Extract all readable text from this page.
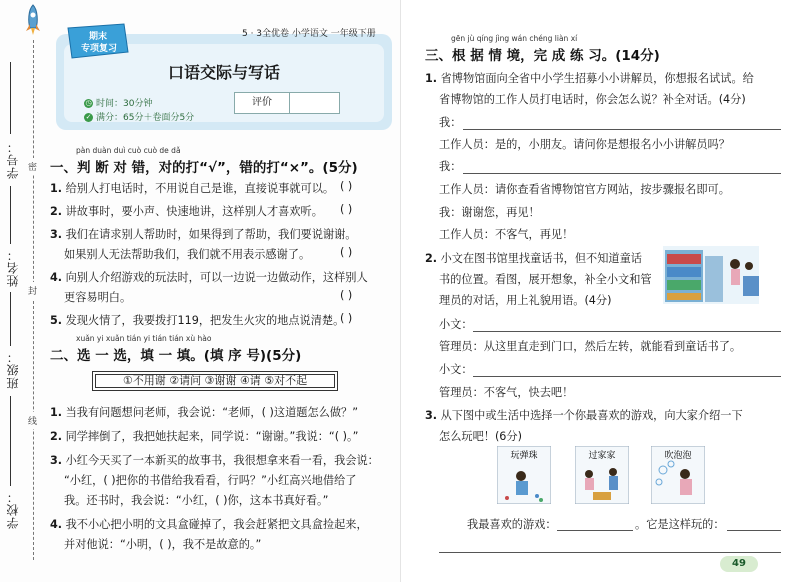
密
封
线
学号：
姓名：
班级：
学校：
口语交际与写话
◷ 时间：30分钟
✓ 满分：65分＋卷面分5分
评价
期末
专项复习
5 · 3全优卷 小学语文 一年级下册
pàn duàn duì cuò cuò de dǎ
一、判 断 对 错，对的打“√”，错的打“×”。(5分)
1. 给别人打电话时，不用说自己是谁，直接说事就可以。 ( )
2. 讲故事时，要小声、快速地讲，这样别人才喜欢听。 ( )
3. 我们在请求别人帮助时，如果得到了帮助，我们要说谢谢。
如果别人无法帮助我们，我们就不用表示感谢了。	( )
4. 向别人介绍游戏的玩法时，可以一边说一边做动作，这样别人
更容易明白。	( )
5. 发现火情了，我要拨打119，把发生火灾的地点说清楚。
( )
xuǎn yi xuǎn tián yi tián tián xù hào
二、选 一 选，填 一 填。(填 序 号)(5分)
①不用谢 ②请问 ③谢谢 ④请 ⑤对不起
1. 当我有问题想问老师，我会说：“老师，( )这道题怎么做？”
2. 同学摔倒了，我把她扶起来，同学说：“谢谢。”我说：“( )。”
3. 小红今天买了一本新买的故事书，我很想拿来看一看，我会说：
“小红，( )把你的书借给我看看，行吗？”小红高兴地借给了
我。还书时，我会说：“小红，( )你，这本书真好看。”
4. 我不小心把小明的文具盒碰掉了，我会赶紧把文具盒捡起来，
并对他说：“小明，( )，我不是故意的。”
gēn jù qíng jìng wán chéng liàn xí
三、根 据 情 境，完 成 练 习。(14分)
1. 省博物馆面向全省中小学生招募小小讲解员，你想报名试试。给
省博物馆的工作人员打电话时，你会怎么说？补全对话。(4分)
我：
工作人员：是的，小朋友。请问你是想报名小小讲解员吗？
我：
工作人员：请你查看省博物馆官方网站，按步骤报名即可。
我：谢谢您，再见！
工作人员：不客气，再见！
2. 小文在图书馆里找童话书，但不知道童话
书的位置。看图，展开想象，补全小文和管
理员的对话，用上礼貌用语。(4分)
小文：
管理员：从这里直走到门口，然后左转，就能看到童话书了。
小文：
管理员：不客气，快去吧！
3. 从下图中或生活中选择一个你最喜欢的游戏，向大家介绍一下
怎么玩吧！(6分)
玩弹珠	过家家	吹泡泡
我最喜欢的游戏：	。它是这样玩的：
49
